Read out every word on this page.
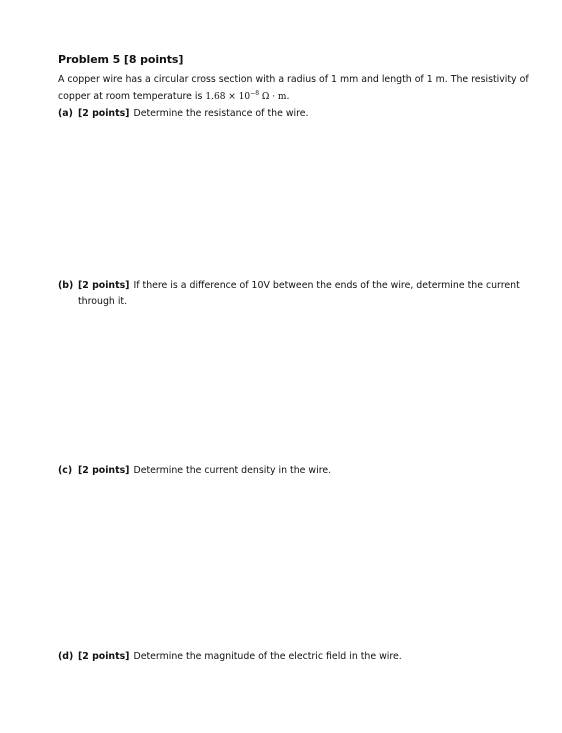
Problem 5 [8 points]
A copper wire has a circular cross section with a radius of 1 mm and length of 1 m. The resistivity of
copper at room temperature is $1.68 \times 10^{-8}$ Ω · m.
(a) [2 points] Determine the resistance of the wire.
(b) [2 points] If there is a difference of 10V between the ends of the wire, determine the current
through it.
(c) [2 points] Determine the current density in the wire.
(d) [2 points] Determine the magnitude of the electric field in the wire.
